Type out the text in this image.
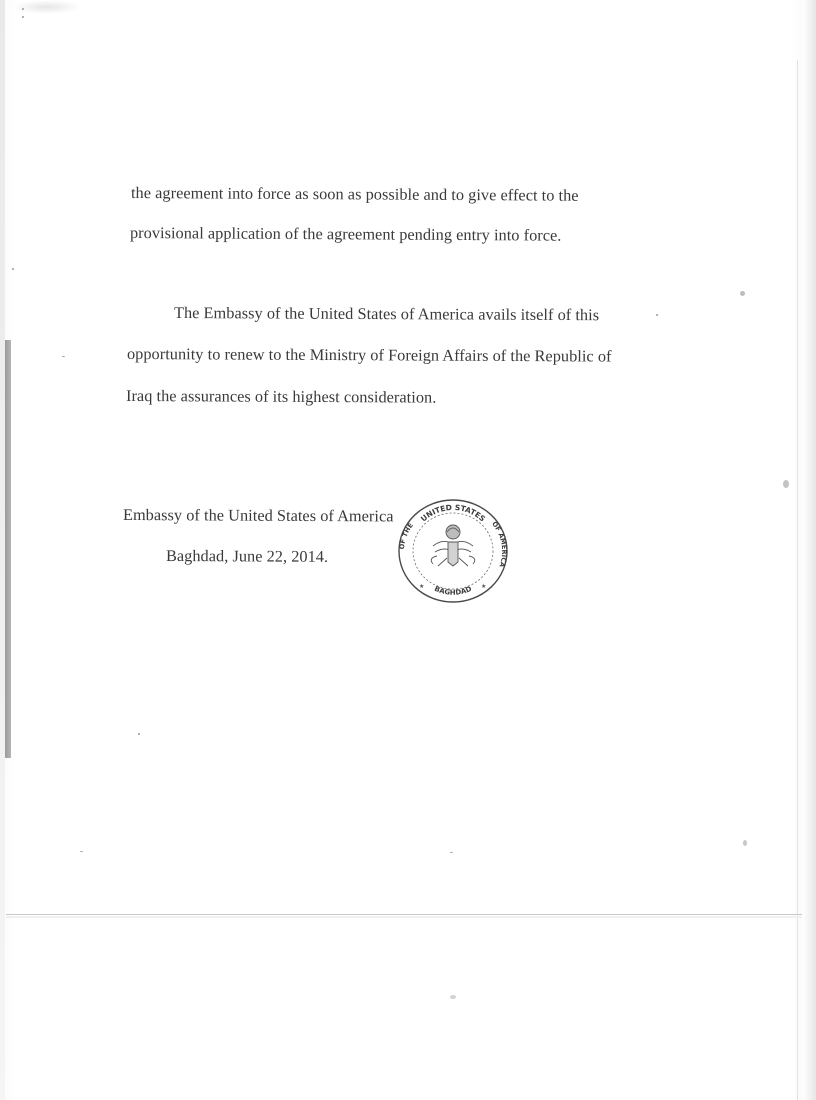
the agreement into force as soon as possible and to give effect to the
provisional application of the agreement pending entry into force.
The Embassy of the United States of America avails itself of this
opportunity to renew to the Ministry of Foreign Affairs of the Republic of
Iraq the assurances of its highest consideration.
Embassy of the United States of America
Baghdad, June 22, 2014.
UNITED STATES
OF THE	OF AMERICA
BAGHDAD
★	★
